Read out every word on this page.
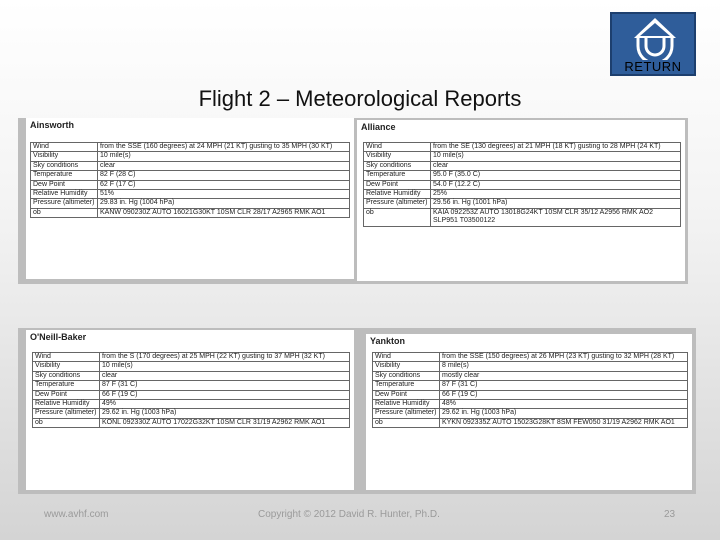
Flight 2 – Meteorological Reports
RETURN
Ainsworth
Wind	from the SSE (160 degrees) at 24 MPH (21 KT) gusting to 35 MPH (30 KT)
Visibility	10 mile(s)
Sky conditions	clear
Temperature	82 F (28 C)
Dew Point	62 F (17 C)
Relative Humidity	51%
Pressure (altimeter)	29.83 in. Hg (1004 hPa)
ob	KANW 090230Z AUTO 16021G30KT 10SM CLR 28/17 A2965 RMK AO1
Alliance
Wind	from the SE (130 degrees) at 21 MPH (18 KT) gusting to 28 MPH (24 KT)
Visibility	10 mile(s)
Sky conditions	clear
Temperature	95.0 F (35.0 C)
Dew Point	54.0 F (12.2 C)
Relative Humidity	25%
Pressure (altimeter)	29.56 in. Hg (1001 hPa)
ob	KAIA 092253Z AUTO 13018G24KT 10SM CLR 35/12 A2956 RMK AO2 SLP951 T03500122
O'Neill-Baker
Wind	from the S (170 degrees) at 25 MPH (22 KT) gusting to 37 MPH (32 KT)
Visibility	10 mile(s)
Sky conditions	clear
Temperature	87 F (31 C)
Dew Point	66 F (19 C)
Relative Humidity	49%
Pressure (altimeter)	29.62 in. Hg (1003 hPa)
ob	KONL 092330Z AUTO 17022G32KT 10SM CLR 31/19 A2962 RMK AO1
Yankton
Wind	from the SSE (150 degrees) at 26 MPH (23 KT) gusting to 32 MPH (28 KT)
Visibility	8 mile(s)
Sky conditions	mostly clear
Temperature	87 F (31 C)
Dew Point	66 F (19 C)
Relative Humidity	48%
Pressure (altimeter)	29.62 in. Hg (1003 hPa)
ob	KYKN 092335Z AUTO 15023G28KT 8SM FEW050 31/19 A2962 RMK AO1
www.avhf.com	Copyright © 2012 David R. Hunter, Ph.D.	23
